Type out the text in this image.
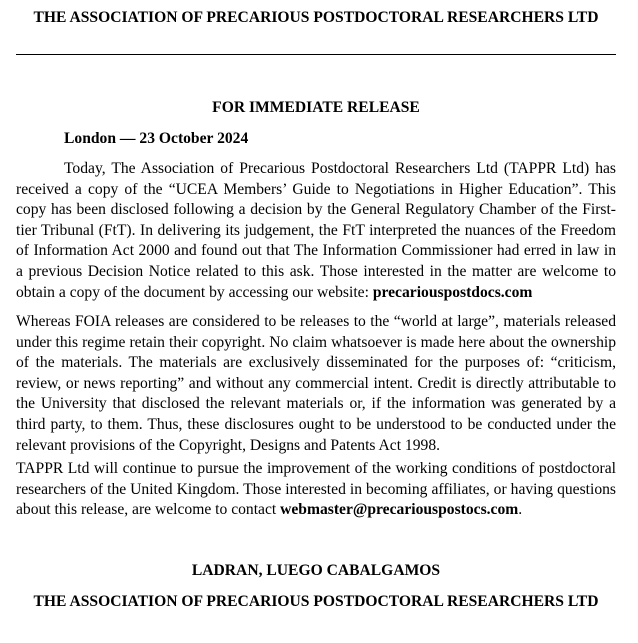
THE ASSOCIATION OF PRECARIOUS POSTDOCTORAL RESEARCHERS LTD
FOR IMMEDIATE RELEASE
London — 23 October 2024

Today, The Association of Precarious Postdoctoral Researchers Ltd (TAPPR Ltd) has received a copy of the “UCEA Members’ Guide to Negotiations in Higher Education”. This copy has been disclosed following a decision by the General Regulatory Chamber of the First-tier Tribunal (FtT). In delivering its judgement, the FtT interpreted the nuances of the Freedom of Information Act 2000 and found out that The Information Commissioner had erred in law in a previous Decision Notice related to this ask. Those interested in the matter are welcome to obtain a copy of the document by accessing our website: precariouspostdocs.com

Whereas FOIA releases are considered to be releases to the “world at large”, materials released under this regime retain their copyright. No claim whatsoever is made here about the ownership of the materials. The materials are exclusively disseminated for the purposes of: “criticism, review, or news reporting” and without any commercial intent. Credit is directly attributable to the University that disclosed the relevant materials or, if the information was generated by a third party, to them. Thus, these disclosures ought to be understood to be conducted under the relevant provisions of the Copyright, Designs and Patents Act 1998.

TAPPR Ltd will continue to pursue the improvement of the working conditions of postdoctoral researchers of the United Kingdom. Those interested in becoming affiliates, or having questions about this release, are welcome to contact webmaster@precariouspostocs.com.

LADRAN, LUEGO CABALGAMOS
THE ASSOCIATION OF PRECARIOUS POSTDOCTORAL RESEARCHERS LTD
